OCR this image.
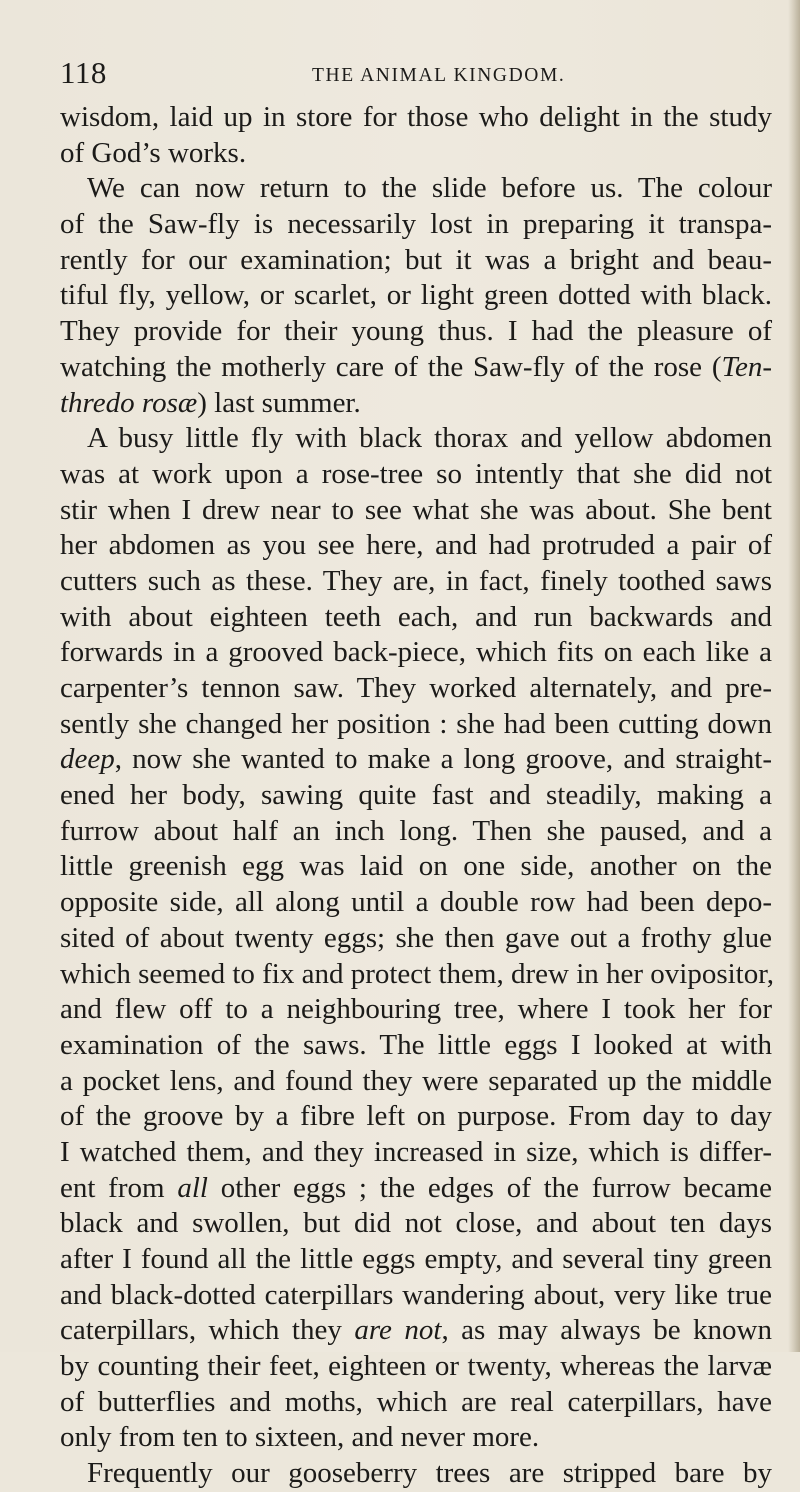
118	THE ANIMAL KINGDOM.
wisdom, laid up in store for those who delight in the study
of God’s works.
We can now return to the slide before us. The colour
of the Saw-fly is necessarily lost in preparing it transpa-
rently for our examination; but it was a bright and beau-
tiful fly, yellow, or scarlet, or light green dotted with black.
They provide for their young thus. I had the pleasure of
watching the motherly care of the Saw-fly of the rose (Ten-
thredo rosæ) last summer.
A busy little fly with black thorax and yellow abdomen
was at work upon a rose-tree so intently that she did not
stir when I drew near to see what she was about. She bent
her abdomen as you see here, and had protruded a pair of
cutters such as these. They are, in fact, finely toothed saws
with about eighteen teeth each, and run backwards and
forwards in a grooved back-piece, which fits on each like a
carpenter’s tennon saw. They worked alternately, and pre-
sently she changed her position : she had been cutting down
deep, now she wanted to make a long groove, and straight-
ened her body, sawing quite fast and steadily, making a
furrow about half an inch long. Then she paused, and a
little greenish egg was laid on one side, another on the
opposite side, all along until a double row had been depo-
sited of about twenty eggs; she then gave out a frothy glue
which seemed to fix and protect them, drew in her ovipositor,
and flew off to a neighbouring tree, where I took her for
examination of the saws. The little eggs I looked at with
a pocket lens, and found they were separated up the middle
of the groove by a fibre left on purpose. From day to day
I watched them, and they increased in size, which is differ-
ent from all other eggs ; the edges of the furrow became
black and swollen, but did not close, and about ten days
after I found all the little eggs empty, and several tiny green
and black-dotted caterpillars wandering about, very like true
caterpillars, which they are not, as may always be known
by counting their feet, eighteen or twenty, whereas the larvæ
of butterflies and moths, which are real caterpillars, have
only from ten to sixteen, and never more.
Frequently our gooseberry trees are stripped bare by
